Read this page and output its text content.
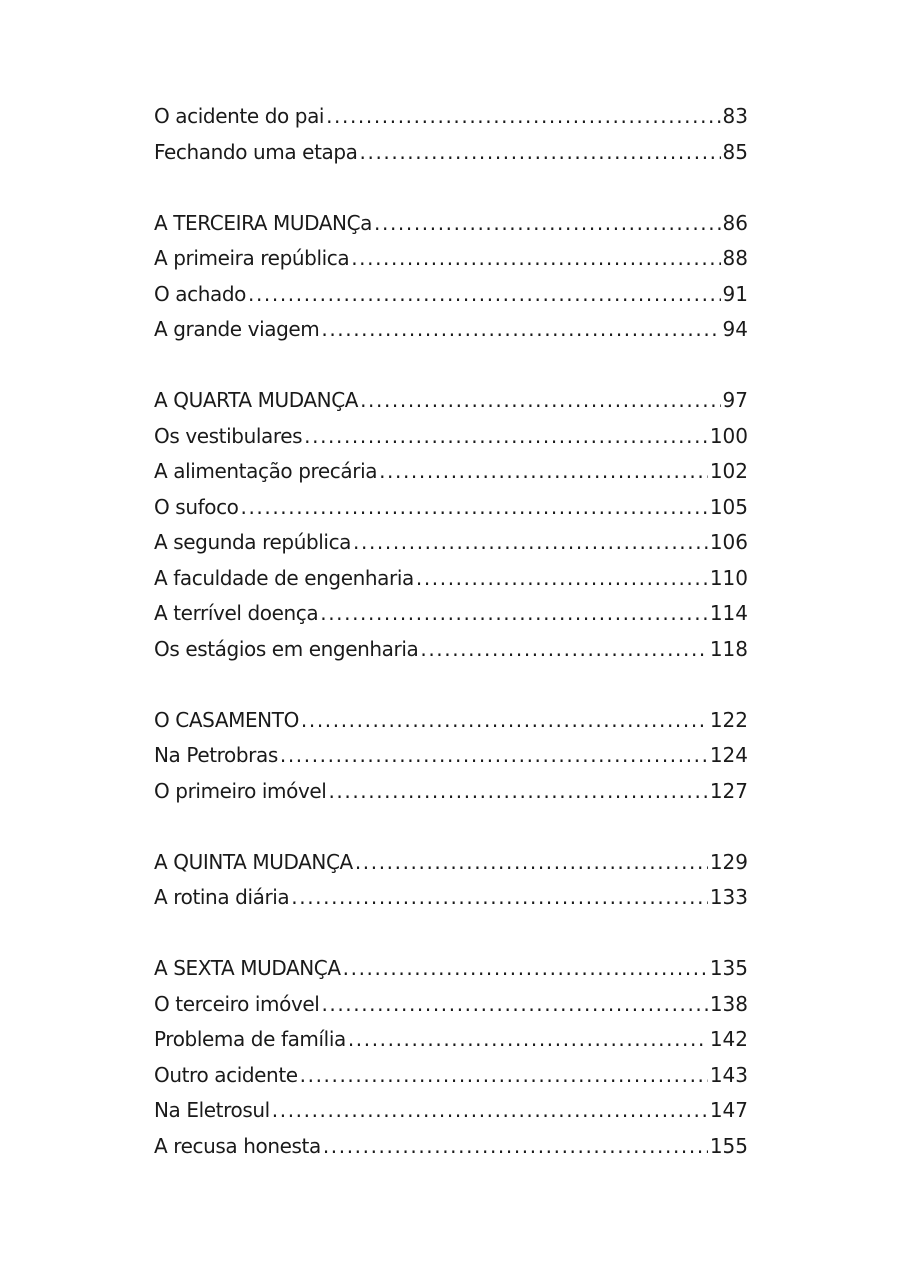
O acidente do pai .....	83
Fechando uma etapa .....	85
A TERCEIRA MUDANÇa .....	86
A primeira república .....	88
O achado .....	91
A grande viagem .....	94
A QUARTA MUDANÇA .....	97
Os vestibulares .....	100
A alimentação precária .....	102
O sufoco .....	105
A segunda república .....	106
A faculdade de engenharia .....	110
A terrível doença .....	114
Os estágios em engenharia .....	118
O CASAMENTO .....	122
Na Petrobras .....	124
O primeiro imóvel .....	127
A QUINTA MUDANÇA .....	129
A rotina diária .....	133
A SEXTA MUDANÇA .....	135
O terceiro imóvel .....	138
Problema de família .....	142
Outro acidente .....	143
Na Eletrosul .....	147
A recusa honesta .....	155
